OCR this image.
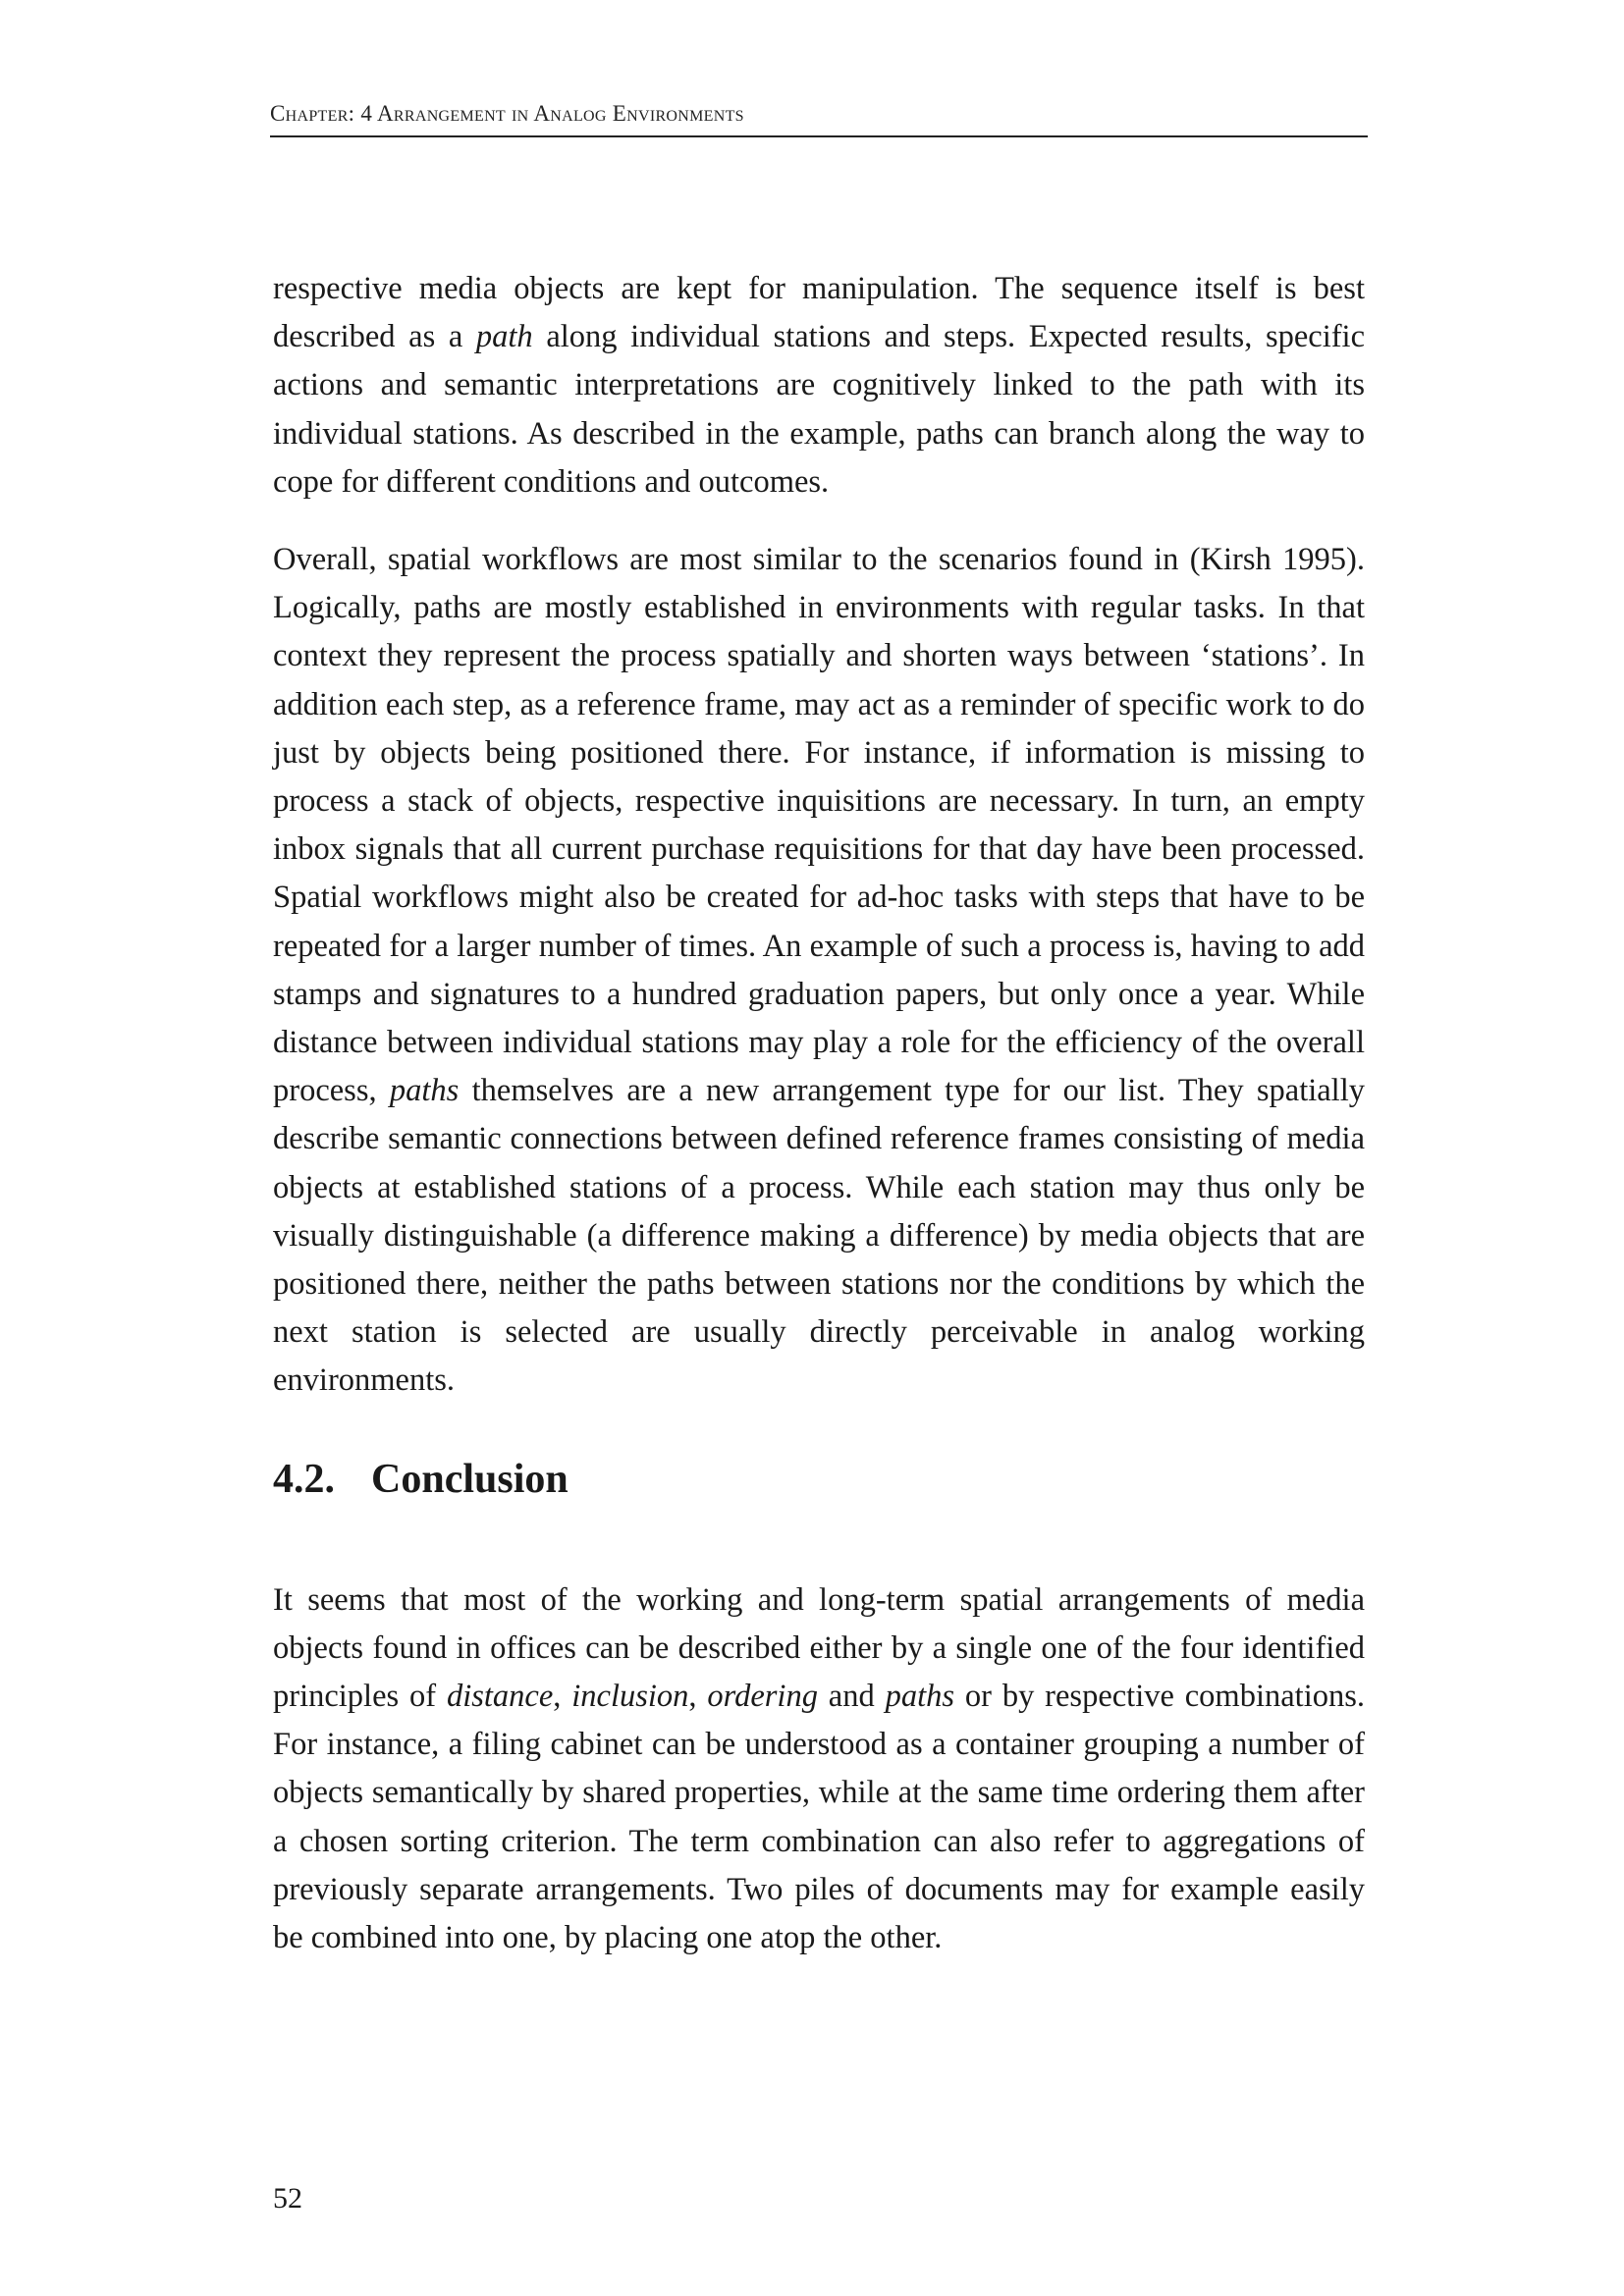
Chapter: 4 Arrangement in Analog Environments

respective media objects are kept for manipulation. The sequence itself is best described as a path along individual stations and steps. Expected results, specific actions and semantic interpretations are cognitively linked to the path with its individual stations. As described in the example, paths can branch along the way to cope for different conditions and outcomes.

Overall, spatial workflows are most similar to the scenarios found in (Kirsh 1995). Logically, paths are mostly established in environments with regular tasks. In that context they represent the process spatially and shorten ways between ‘stations’. In addition each step, as a reference frame, may act as a reminder of specific work to do just by objects being positioned there. For instance, if information is missing to process a stack of objects, respective inquisitions are necessary. In turn, an empty inbox signals that all current purchase requisitions for that day have been processed. Spatial workflows might also be created for ad-hoc tasks with steps that have to be repeated for a larger number of times. An example of such a process is, having to add stamps and signatures to a hundred graduation papers, but only once a year. While distance between individual stations may play a role for the efficiency of the overall process, paths themselves are a new arrangement type for our list. They spatially describe semantic connections between defined reference frames consisting of media objects at established stations of a process. While each station may thus only be visually distinguishable (a difference making a difference) by media objects that are positioned there, neither the paths between stations nor the conditions by which the next station is selected are usually directly perceivable in analog working environments.

4.2. Conclusion

It seems that most of the working and long-term spatial arrangements of media objects found in offices can be described either by a single one of the four identified principles of distance, inclusion, ordering and paths or by respective combinations. For instance, a filing cabinet can be understood as a container grouping a number of objects semantically by shared properties, while at the same time ordering them after a chosen sorting criterion. The term combination can also refer to aggregations of previously separate arrangements. Two piles of documents may for example easily be combined into one, by placing one atop the other.

52
